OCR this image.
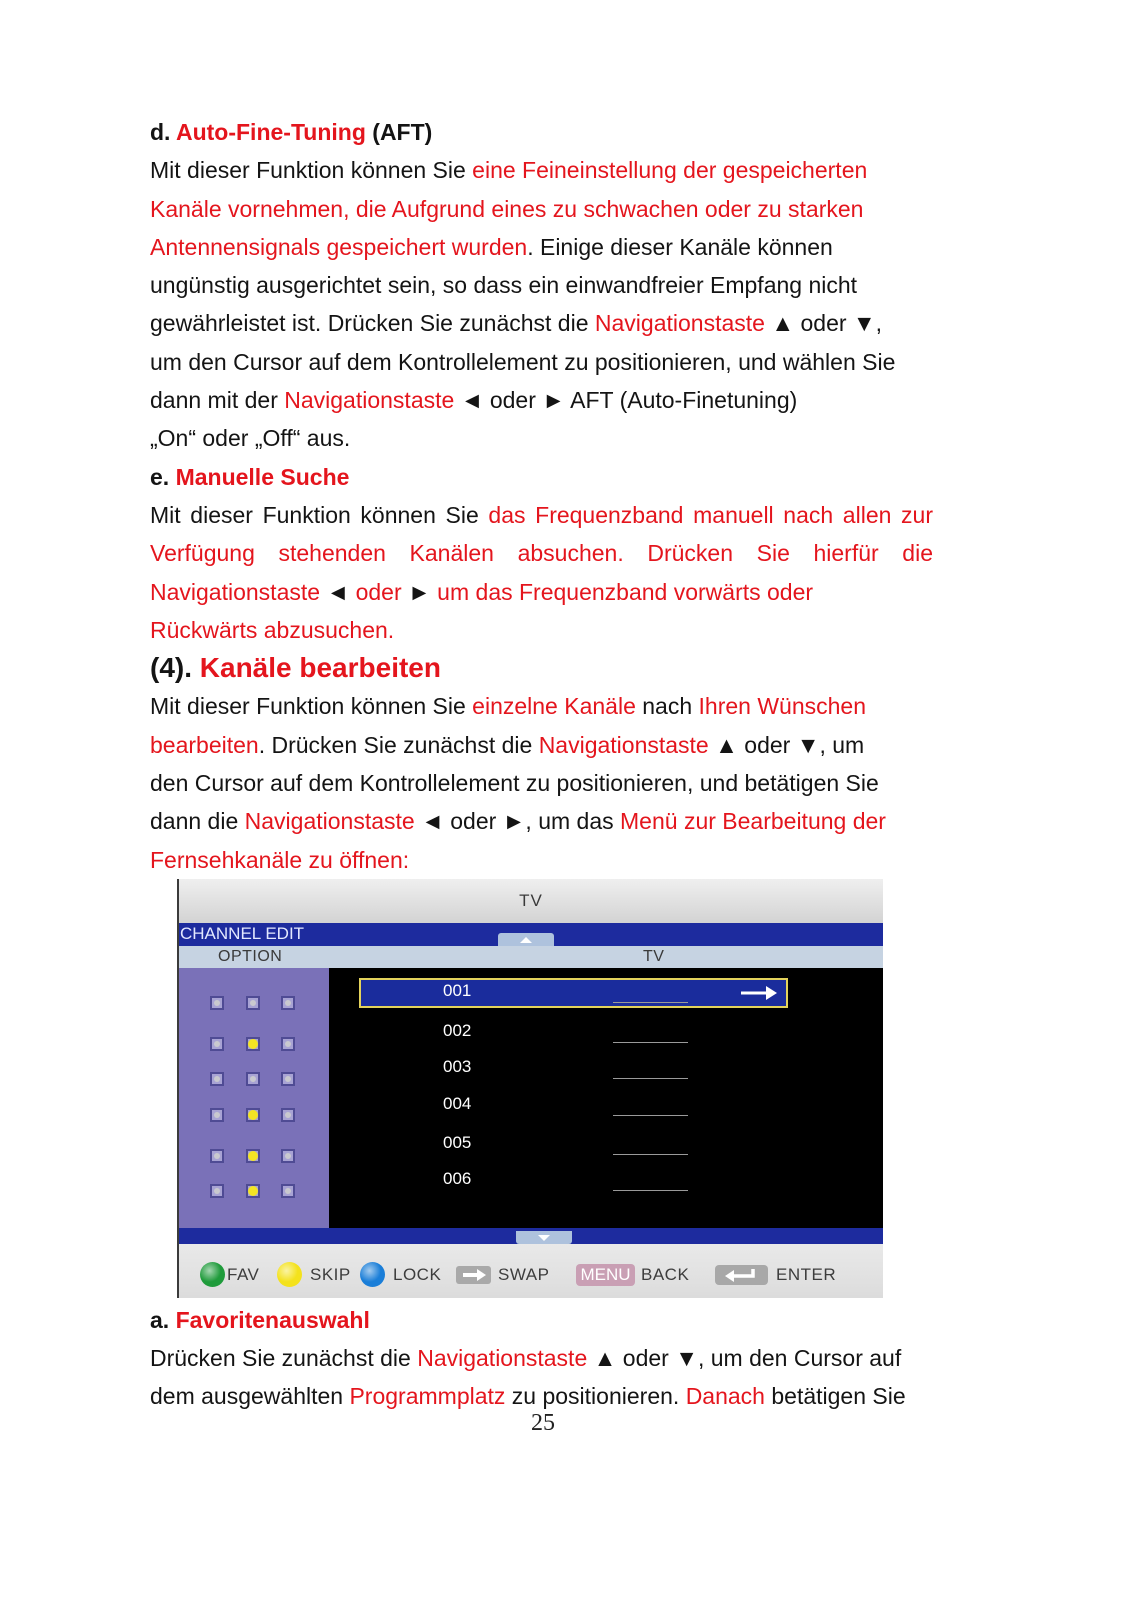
d. Auto-Fine-Tuning (AFT)
Mit dieser Funktion können Sie eine Feineinstellung der gespeicherten
Kanäle vornehmen, die Aufgrund eines zu schwachen oder zu starken
Antennensignals gespeichert wurden. Einige dieser Kanäle können
ungünstig ausgerichtet sein, so dass ein einwandfreier Empfang nicht
gewährleistet ist. Drücken Sie zunächst die Navigationstaste ▲ oder ▼,
um den Cursor auf dem Kontrollelement zu positionieren, und wählen Sie
dann mit der Navigationstaste ◄ oder ► AFT (Auto-Finetuning)
„On“ oder „Off“ aus.
e. Manuelle Suche
Mit dieser Funktion können Sie das Frequenzband manuell nach allen zur
Verfügung stehenden Kanälen absuchen. Drücken Sie hierfür die
Navigationstaste ◄ oder ► um das Frequenzband vorwärts oder
Rückwärts abzusuchen.
(4). Kanäle bearbeiten
Mit dieser Funktion können Sie einzelne Kanäle nach Ihren Wünschen
bearbeiten. Drücken Sie zunächst die Navigationstaste ▲ oder ▼, um
den Cursor auf dem Kontrollelement zu positionieren, und betätigen Sie
dann die Navigationstaste ◄ oder ►, um das Menü zur Bearbeitung der
Fernsehkanäle zu öffnen:
TV
CHANNEL EDIT
OPTION	TV
001
002
003
004
005
006
FAV	SKIP LOCK	SWAP MENU BACK	ENTER
a. Favoritenauswahl
Drücken Sie zunächst die Navigationstaste ▲ oder ▼, um den Cursor auf
dem ausgewählten Programmplatz zu positionieren. Danach betätigen Sie
25
